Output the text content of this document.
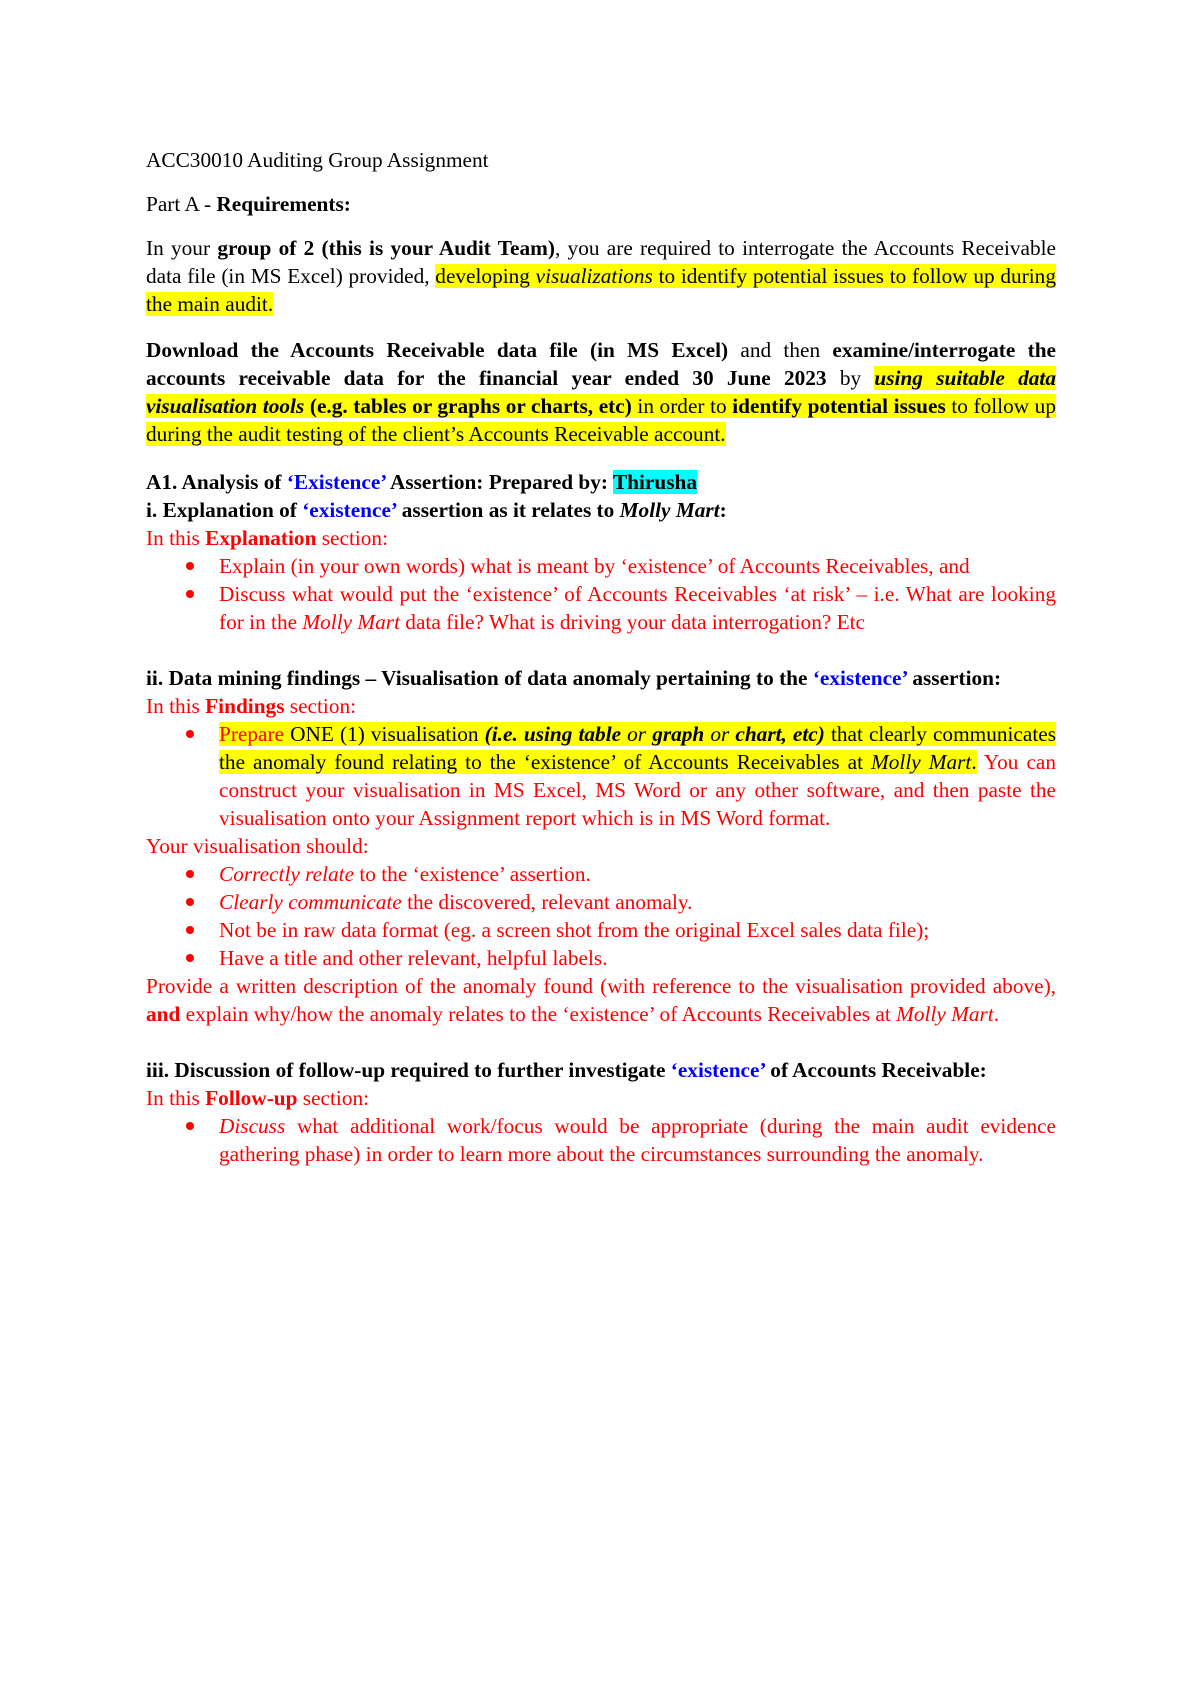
ACC30010 Auditing Group Assignment

Part A - Requirements:

In your group of 2 (this is your Audit Team), you are required to interrogate the Accounts Receivable data file (in MS Excel) provided, developing visualizations to identify potential issues to follow up during the main audit.

Download the Accounts Receivable data file (in MS Excel) and then examine/interrogate the accounts receivable data for the financial year ended 30 June 2023 by using suitable data visualisation tools (e.g. tables or graphs or charts, etc) in order to identify potential issues to follow up during the audit testing of the client’s Accounts Receivable account.

A1. Analysis of ‘Existence’ Assertion: Prepared by: Thirusha

i. Explanation of ‘existence’ assertion as it relates to Molly Mart:

In this Explanation section:

Explain (in your own words) what is meant by ‘existence’ of Accounts Receivables, and
Discuss what would put the ‘existence’ of Accounts Receivables ‘at risk’ – i.e. What are looking for in the Molly Mart data file? What is driving your data interrogation? Etc

ii. Data mining findings – Visualisation of data anomaly pertaining to the ‘existence’ assertion:

In this Findings section:

Prepare ONE (1) visualisation (i.e. using table or graph or chart, etc) that clearly communicates the anomaly found relating to the ‘existence’ of Accounts Receivables at Molly Mart. You can construct your visualisation in MS Excel, MS Word or any other software, and then paste the visualisation onto your Assignment report which is in MS Word format.

Your visualisation should:

Correctly relate to the ‘existence’ assertion.
Clearly communicate the discovered, relevant anomaly.
Not be in raw data format (eg. a screen shot from the original Excel sales data file);
Have a title and other relevant, helpful labels.

Provide a written description of the anomaly found (with reference to the visualisation provided above), and explain why/how the anomaly relates to the ‘existence’ of Accounts Receivables at Molly Mart.

iii. Discussion of follow-up required to further investigate ‘existence’ of Accounts Receivable:

In this Follow-up section:

Discuss what additional work/focus would be appropriate (during the main audit evidence gathering phase) in order to learn more about the circumstances surrounding the anomaly.
